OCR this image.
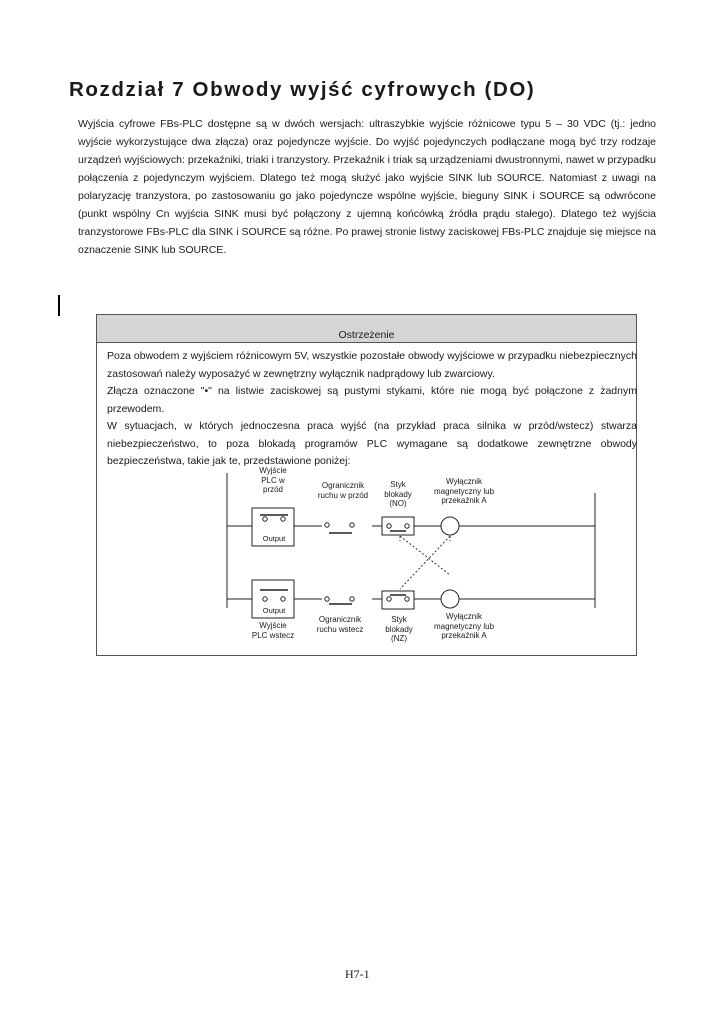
Rozdział 7 Obwody wyjść cyfrowych (DO)

Wyjścia cyfrowe FBs-PLC dostępne są w dwóch wersjach: ultraszybkie wyjście różnicowe typu 5 – 30 VDC (tj.: jedno wyjście wykorzystujące dwa złącza) oraz pojedyncze wyjście. Do wyjść pojedynczych podłączane mogą być trzy rodzaje urządzeń wyjściowych: przekaźniki, triaki i tranzystory. Przekaźnik i triak są urządzeniami dwustronnymi, nawet w przypadku połączenia z pojedynczym wyjściem. Dlatego też mogą służyć jako wyjście SINK lub SOURCE. Natomiast z uwagi na polaryzację tranzystora, po zastosowaniu go jako pojedyncze wspólne wyjście, bieguny SINK i SOURCE są odwrócone (punkt wspólny Cn wyjścia SINK musi być połączony z ujemną końcówką źródła prądu stałego). Dlatego też wyjścia tranzystorowe FBs-PLC dla SINK i SOURCE są różne. Po prawej stronie listwy zaciskowej FBs-PLC znajduje się miejsce na oznaczenie SINK lub SOURCE.

Ostrzeżenie

Poza obwodem z wyjściem różnicowym 5V, wszystkie pozostałe obwody wyjściowe w przypadku niebezpiecznych zastosowań należy wyposażyć w zewnętrzny wyłącznik nadprądowy lub zwarciowy.

Złącza oznaczone "•" na listwie zaciskowej są pustymi stykami, które nie mogą być połączone z żadnym przewodem.

W sytuacjach, w których jednoczesna praca wyjść (na przykład praca silnika w przód/wstecz) stwarza niebezpieczeństwo, to poza blokadą programów PLC wymagane są dodatkowe zewnętrzne obwody bezpieczeństwa, takie jak te, przedstawione poniżej:

Wyjście
PLC w
przód	Ogranicznik
ruchu w przód
Styk
blokady
(NO)
Wyłącznik
magnetyczny lub
przekaźnik A
Output
Output
Wyjście
PLC wstecz
Ogranicznik
ruchu wstecz
Styk
blokady
(NZ)
Wyłącznik
magnetyczny lub
przekaźnik A
H7-1
